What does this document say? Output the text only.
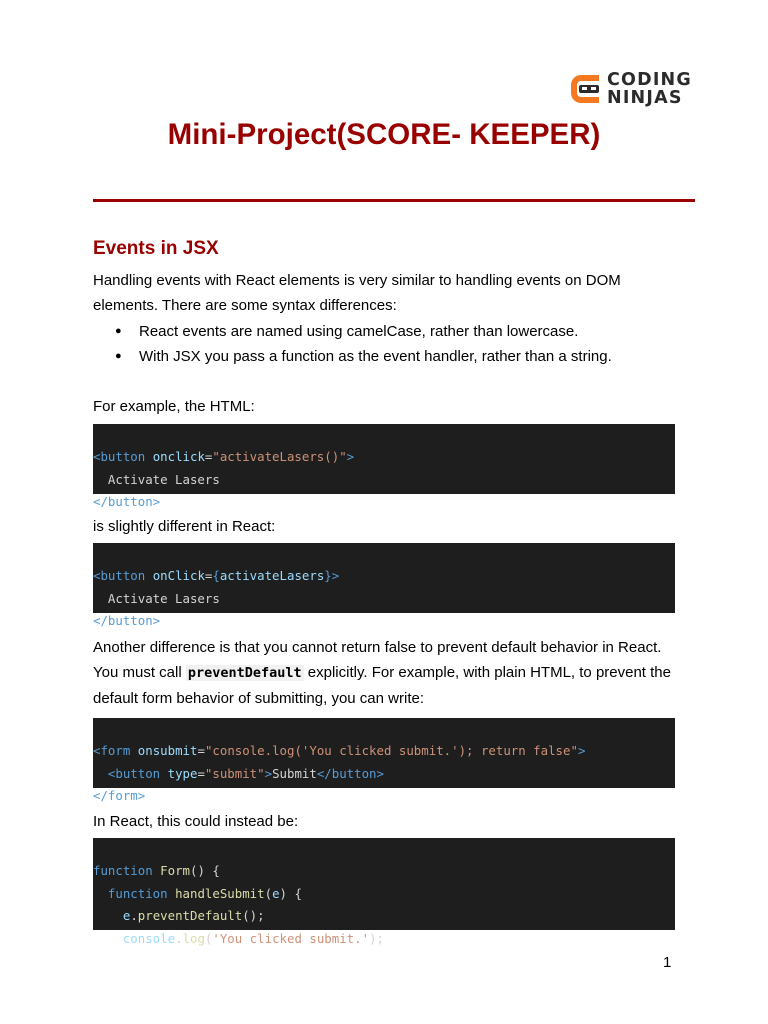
CODING
NINJAS
Mini-Project(SCORE- KEEPER)
Events in JSX

Handling events with React elements is very similar to handling events on DOM elements. There are some syntax differences:

● React events are named using camelCase, rather than lowercase.
● With JSX you pass a function as the event handler, rather than a string.

For example, the HTML:

<button onclick="activateLasers()">
Activate Lasers
</button>

is slightly different in React:

<button onClick={activateLasers}>
Activate Lasers
</button>

Another difference is that you cannot return false to prevent default behavior in React. You must call preventDefault explicitly. For example, with plain HTML, to prevent the default form behavior of submitting, you can write:

<form onsubmit="console.log('You clicked submit.'); return false">
<button type="submit">Submit</button>
</form>

In React, this could instead be:

function Form() {
function handleSubmit(e) {
e.preventDefault();
console.log('You clicked submit.');

1
